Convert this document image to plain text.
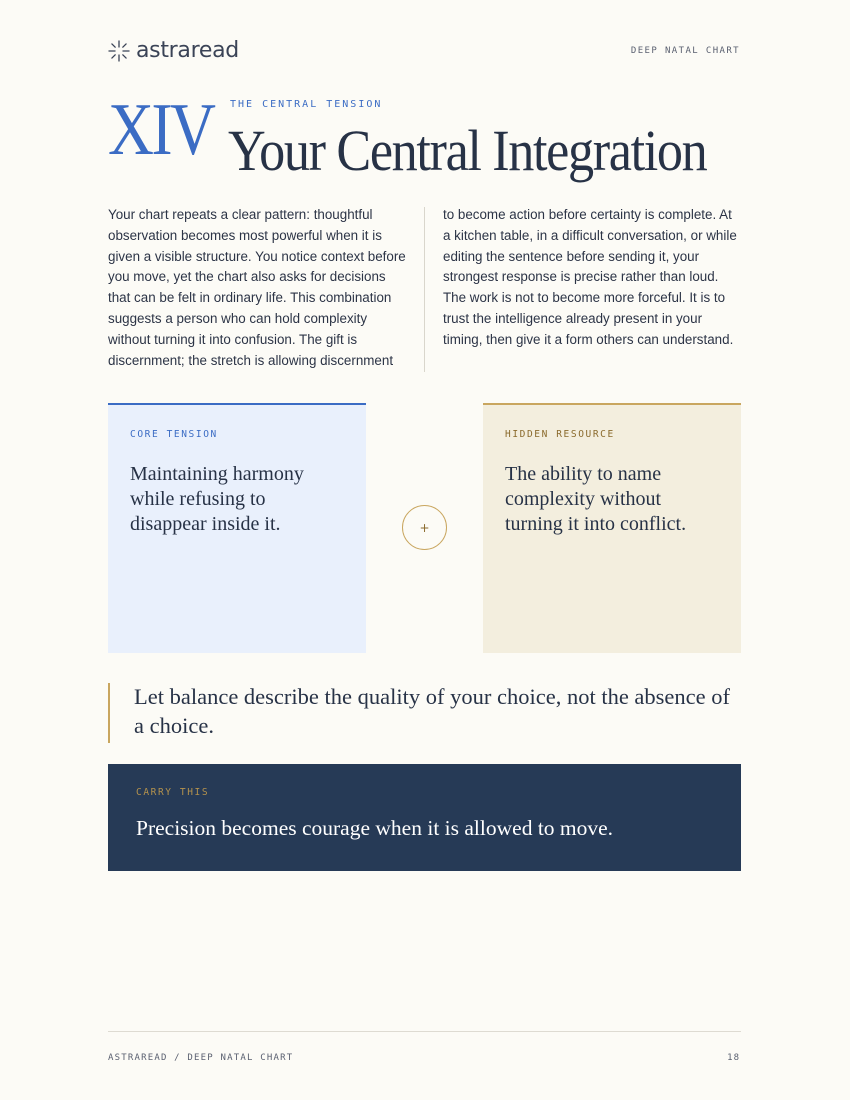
astraread	DEEP NATAL CHART
XIV THE CENTRAL TENSION
Your Central Integration

Your chart repeats a clear pattern: thoughtful observation becomes most powerful when it is given a visible structure. You notice context before you move, yet the chart also asks for decisions that can be felt in ordinary life. This combination suggests a person who can hold complexity without turning it into confusion. The gift is discernment; the stretch is allowing discernment

to become action before certainty is complete. At a kitchen table, in a difficult conversation, or while editing the sentence before sending it, your strongest response is precise rather than loud. The work is not to become more forceful. It is to trust the intelligence already present in your timing, then give it a form others can understand.

CORE TENSION
Maintaining harmony while refusing to disappear inside it.	+
HIDDEN RESOURCE
The ability to name complexity without turning it into conflict.
Let balance describe the quality of your choice, not the absence of a choice.
CARRY THIS
Precision becomes courage when it is allowed to move.
ASTRAREAD / DEEP NATAL CHART	18
